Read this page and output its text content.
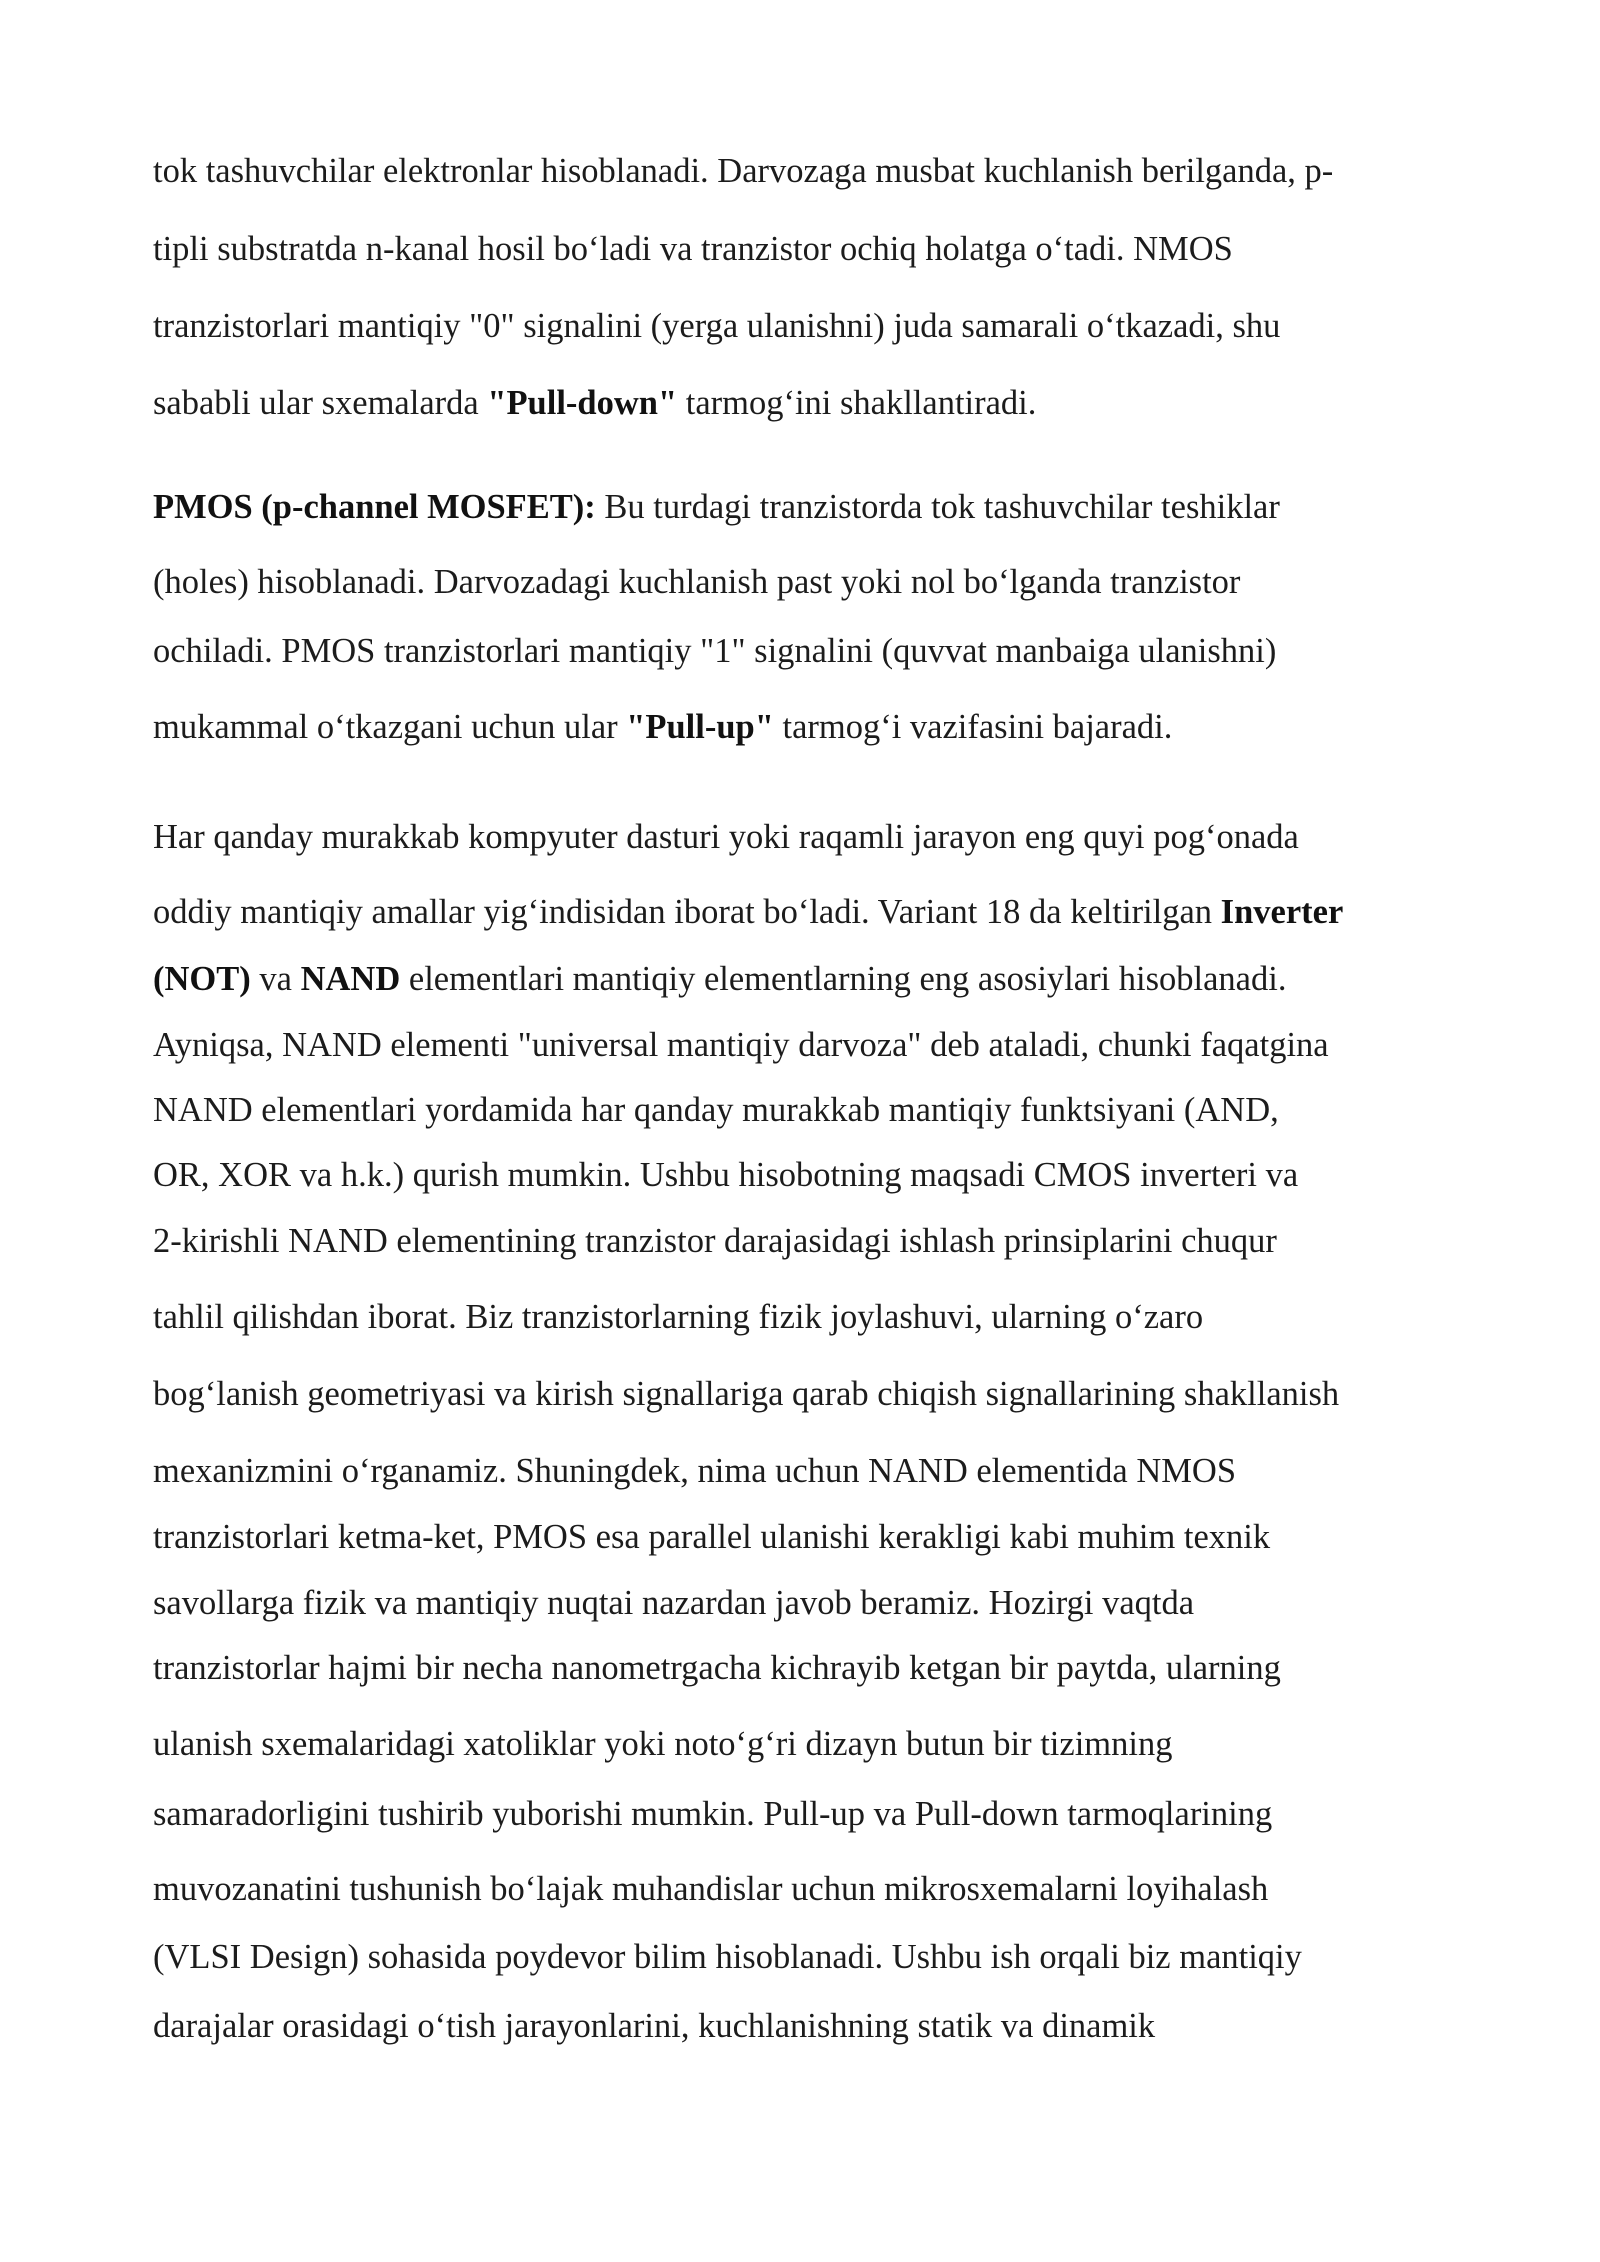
tok tashuvchilar elektronlar hisoblanadi. Darvozaga musbat kuchlanish berilganda, p-
tipli substratda n-kanal hosil boʻladi va tranzistor ochiq holatga oʻtadi. NMOS
tranzistorlari mantiqiy "0" signalini (yerga ulanishni) juda samarali oʻtkazadi, shu
sababli ular sxemalarda "Pull-down" tarmogʻini shakllantiradi.
PMOS (p-channel MOSFET): Bu turdagi tranzistorda tok tashuvchilar teshiklar
(holes) hisoblanadi. Darvozadagi kuchlanish past yoki nol boʻlganda tranzistor
ochiladi. PMOS tranzistorlari mantiqiy "1" signalini (quvvat manbaiga ulanishni)
mukammal oʻtkazgani uchun ular "Pull-up" tarmogʻi vazifasini bajaradi.
Har qanday murakkab kompyuter dasturi yoki raqamli jarayon eng quyi pogʻonada
oddiy mantiqiy amallar yigʻindisidan iborat boʻladi. Variant 18 da keltirilgan Inverter
(NOT) va NAND elementlari mantiqiy elementlarning eng asosiylari hisoblanadi.
Ayniqsa, NAND elementi "universal mantiqiy darvoza" deb ataladi, chunki faqatgina
NAND elementlari yordamida har qanday murakkab mantiqiy funktsiyani (AND,
OR, XOR va h.k.) qurish mumkin. Ushbu hisobotning maqsadi CMOS inverteri va
2-kirishli NAND elementining tranzistor darajasidagi ishlash prinsiplarini chuqur
tahlil qilishdan iborat. Biz tranzistorlarning fizik joylashuvi, ularning oʻzaro
bogʻlanish geometriyasi va kirish signallariga qarab chiqish signallarining shakllanish
mexanizmini oʻrganamiz. Shuningdek, nima uchun NAND elementida NMOS
tranzistorlari ketma-ket, PMOS esa parallel ulanishi kerakligi kabi muhim texnik
savollarga fizik va mantiqiy nuqtai nazardan javob beramiz. Hozirgi vaqtda
tranzistorlar hajmi bir necha nanometrgacha kichrayib ketgan bir paytda, ularning
ulanish sxemalaridagi xatoliklar yoki notoʻgʻri dizayn butun bir tizimning
samaradorligini tushirib yuborishi mumkin. Pull-up va Pull-down tarmoqlarining
muvozanatini tushunish boʻlajak muhandislar uchun mikrosxemalarni loyihalash
(VLSI Design) sohasida poydevor bilim hisoblanadi. Ushbu ish orqali biz mantiqiy
darajalar orasidagi oʻtish jarayonlarini, kuchlanishning statik va dinamik
